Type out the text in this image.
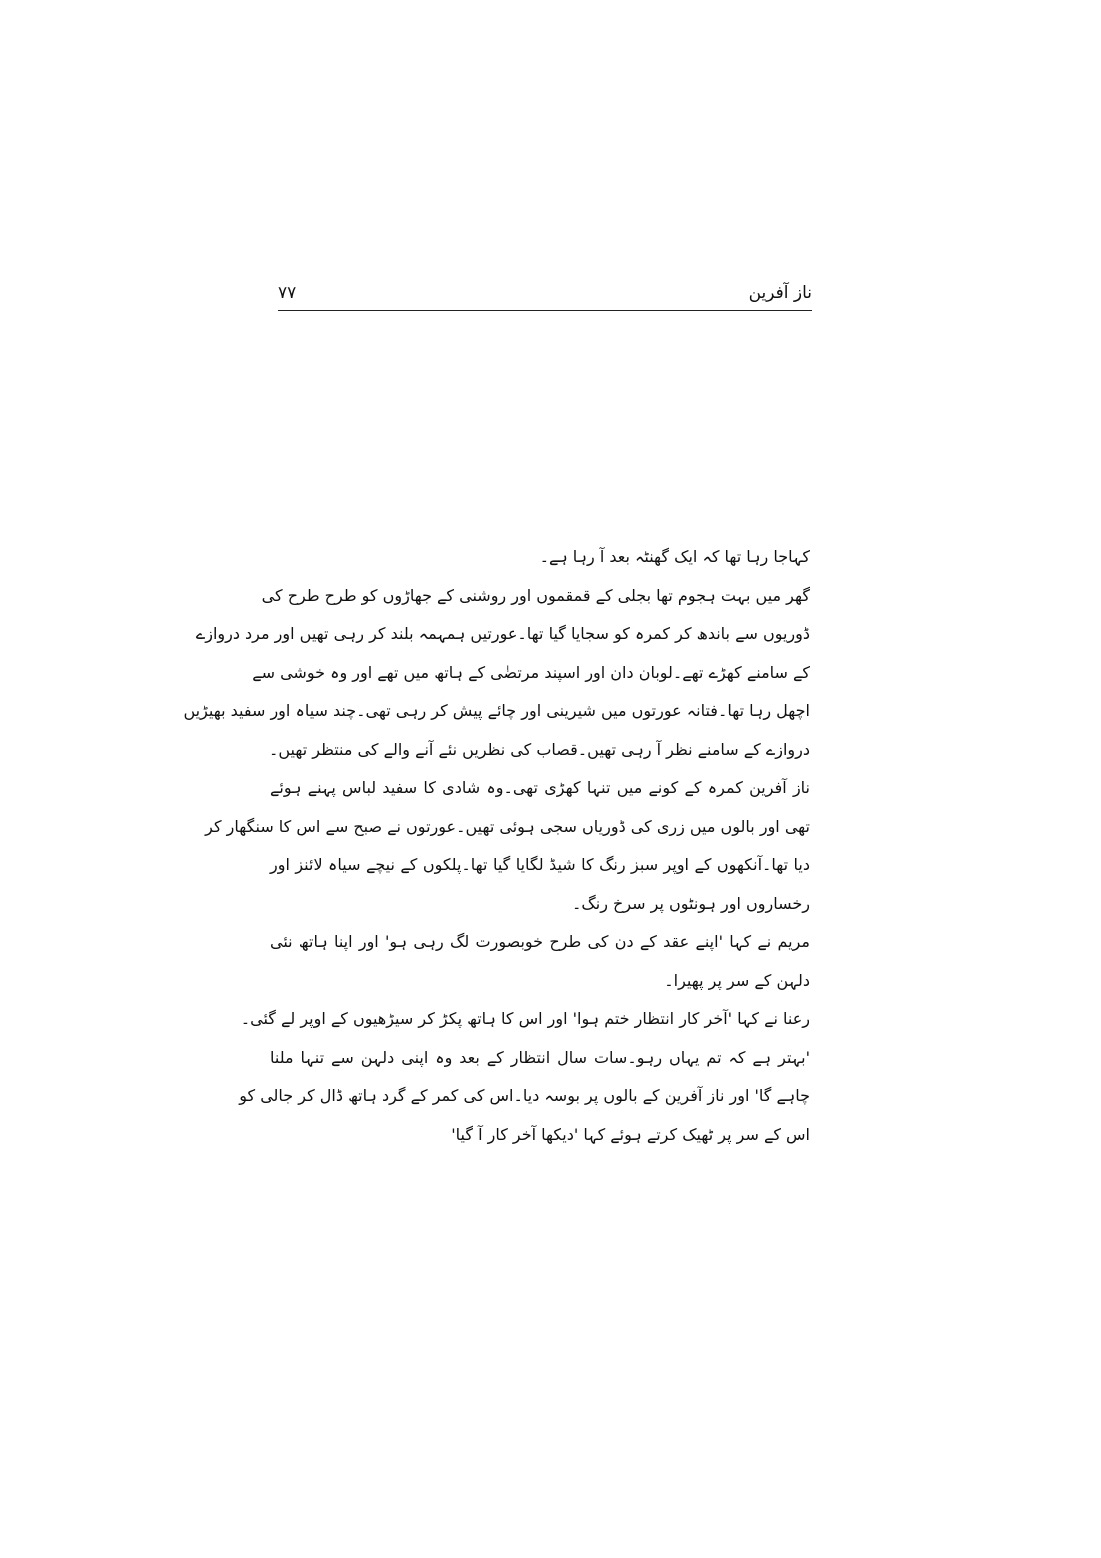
ناز آفرین
۷۷
کہاجا رہا تھا کہ ایک گھنٹہ بعد آ رہا ہے۔
گھر میں بہت ہجوم تھا بجلی کے قمقموں اور روشنی کے جھاڑوں کو طرح طرح کی
ڈوریوں سے باندھ کر کمرہ کو سجایا گیا تھا۔عورتیں ہمہمہ بلند کر رہی تھیں اور مرد دروازے
کے سامنے کھڑے تھے۔لوبان دان اور اسپند مرتضٰی کے ہاتھ میں تھے اور وہ خوشی سے
اچھل رہا تھا۔فتانہ عورتوں میں شیرینی اور چائے پیش کر رہی تھی۔چند سیاہ اور سفید بھیڑیں
دروازے کے سامنے نظر آ رہی تھیں۔قصاب کی نظریں نئے آنے والے کی منتظر تھیں۔
ناز آفرین کمرہ کے کونے میں تنہا کھڑی تھی۔وہ شادی کا سفید لباس پہنے ہوئے
تھی اور بالوں میں زری کی ڈوریاں سجی ہوئی تھیں۔عورتوں نے صبح سے اس کا سنگھار کر
دیا تھا۔آنکھوں کے اوپر سبز رنگ کا شیڈ لگایا گیا تھا۔پلکوں کے نیچے سیاہ لائنز اور
رخساروں اور ہونٹوں پر سرخ رنگ۔
مریم نے کہا 'اپنے عقد کے دن کی طرح خوبصورت لگ رہی ہو' اور اپنا ہاتھ نئی
دلہن کے سر پر پھیرا۔
رعنا نے کہا 'آخر کار انتظار ختم ہوا' اور اس کا ہاتھ پکڑ کر سیڑھیوں کے اوپر لے گئی۔
'بہتر ہے کہ تم یہاں رہو۔سات سال انتظار کے بعد وہ اپنی دلہن سے تنہا ملنا
چاہے گا' اور ناز آفرین کے بالوں پر بوسہ دیا۔اس کی کمر کے گرد ہاتھ ڈال کر جالی کو
اس کے سر پر ٹھیک کرتے ہوئے کہا 'دیکھا آخر کار آ گیا'
